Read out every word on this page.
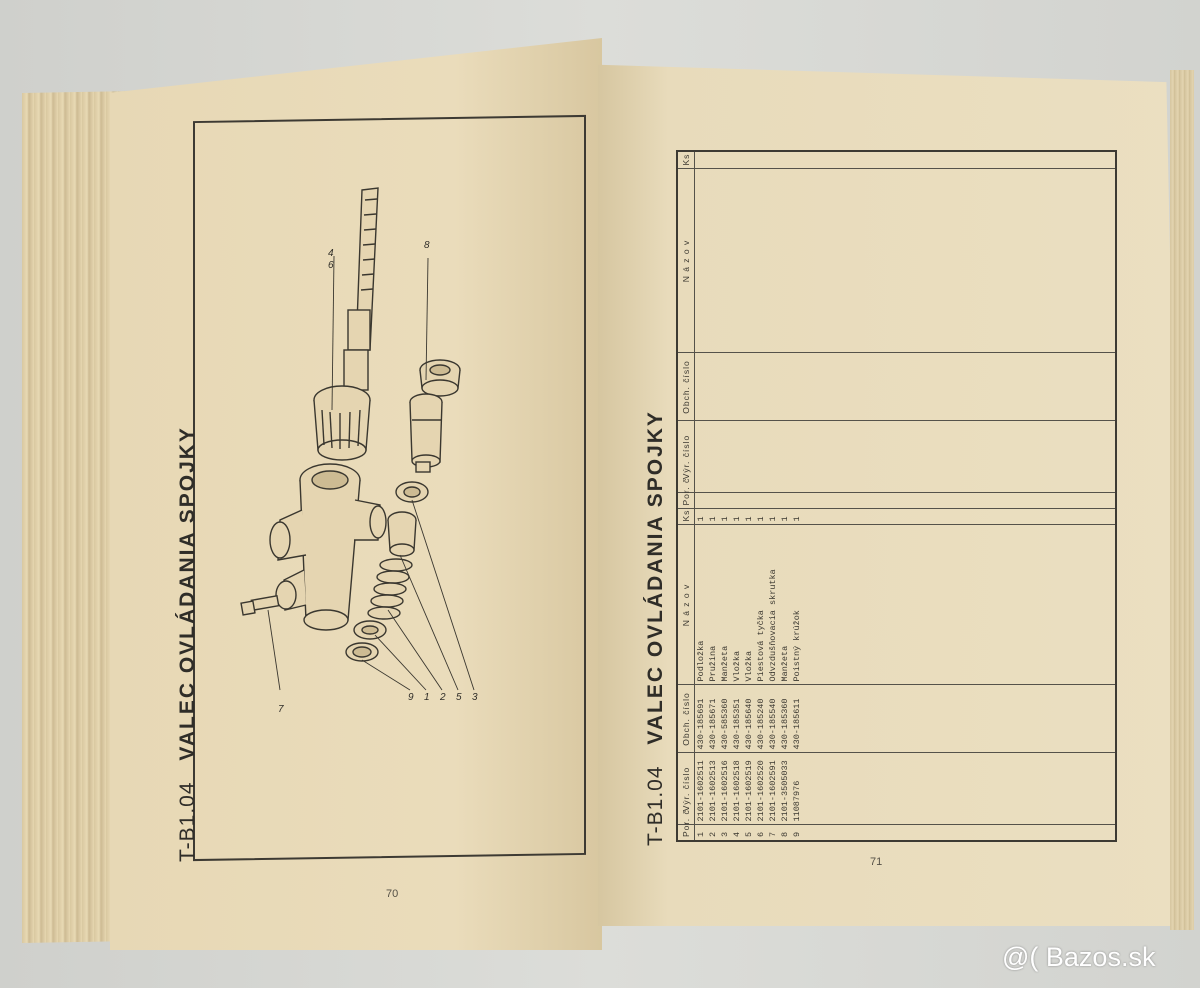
T-B1.04 VALEC OVLÁDANIA SPOJKY
4
6
8
7
9 1 2 5 3
70
T-B1.04 VALEC OVLÁDANIA SPOJKY
Por. č.	Výr. číslo	Obch. číslo	N á z o v	Ks	Por. č.	Výr. číslo	Obch. číslo	N á z o v	Ks
1	2101-1602511	430-185691	Podložka	1					
2	2101-1602513	430-185671	Pružina	1					
3	2101-1602516	430-585360	Manžeta	1					
4	2101-1602518	430-185351	Vložka	1					
5	2101-1602519	430-185640	Vložka	1					
6	2101-1602520	430-185240	Piestová tyčka	1					
7	2101-1602591	430-185540	Odvzdušňovacia skrutka	1					
8	2101-3505033	430-185360	Manžeta	1					
9	11087976	430-185611	Poistný krúžok	1					

71
@( Bazos.sk
